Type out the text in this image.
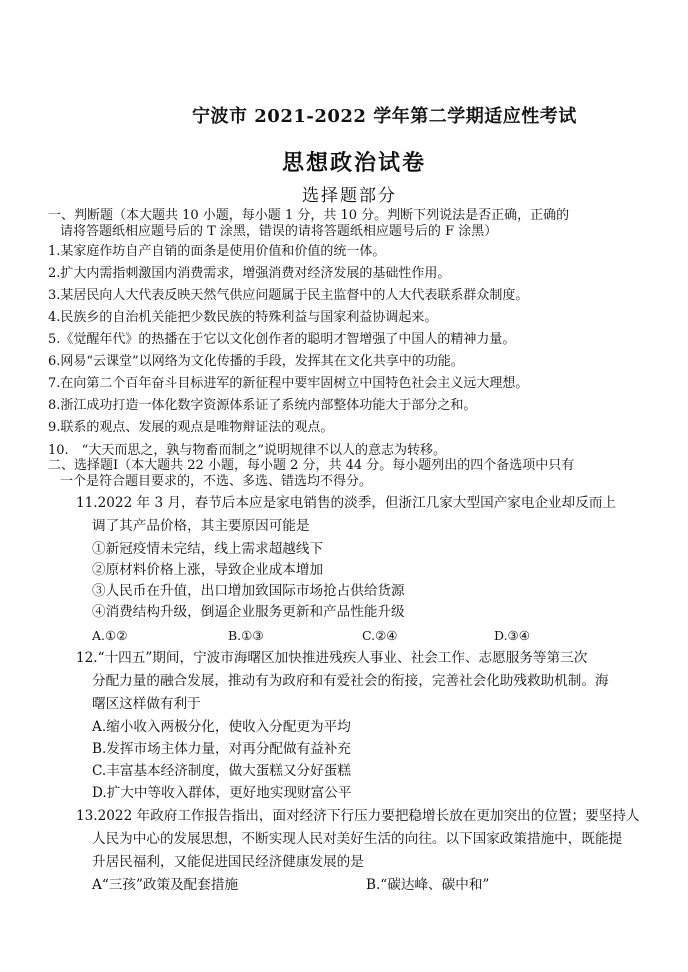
宁波市 2021-2022 学年第二学期适应性考试
思想政治试卷
选择题部分
一、判断题（本大题共 10 小题，每小题 1 分，共 10 分。判断下列说法是否正确，正确的
请将答题纸相应题号后的 T 涂黑，错误的请将答题纸相应题号后的 F 涂黑）
1.某家庭作坊自产自销的面条是使用价值和价值的统一体。
2.扩大内需指刺激国内消费需求，增强消费对经济发展的基础性作用。
3.某居民向人大代表反映天然气供应问题属于民主监督中的人大代表联系群众制度。
4.民族乡的自治机关能把少数民族的特殊利益与国家利益协调起来。
5.《觉醒年代》的热播在于它以文化创作者的聪明才智增强了中国人的精神力量。
6.网易“云课堂”以网络为文化传播的手段，发挥其在文化共享中的功能。
7.在向第二个百年奋斗目标进军的新征程中要牢固树立中国特色社会主义远大理想。
8.浙江成功打造一体化数字资源体系证了系统内部整体功能大于部分之和。
9.联系的观点、发展的观点是唯物辩证法的观点。
10.　“大天而思之，孰与物畜而制之”说明规律不以人的意志为转移。
二、选择题Ⅰ（本大题共 22 小题，每小题 2 分，共 44 分。每小题列出的四个备选项中只有
一个是符合题目要求的，不选、多选、错选均不得分。
11.2022 年 3 月，春节后本应是家电销售的淡季，但浙江几家大型国产家电企业却反而上
调了其产品价格，其主要原因可能是
①新冠疫情未完结，线上需求超越线下
②原材料价格上涨，导致企业成本增加
③人民币在升值，出口增加致国际市场抢占供给货源
④消费结构升级，倒逼企业服务更新和产品性能升级
A.①②	B.①③	C.②④	D.③④
12.“十四五”期间，宁波市海曙区加快推进残疾人事业、社会工作、志愿服务等第三次
分配力量的融合发展，推动有为政府和有爱社会的衔接，完善社会化助残救助机制。海
曙区这样做有利于
A.缩小收入两极分化，使收入分配更为平均
B.发挥市场主体力量，对再分配做有益补充
C.丰富基本经济制度，做大蛋糕又分好蛋糕
D.扩大中等收入群体，更好地实现财富公平
13.2022 年政府工作报告指出，面对经济下行压力要把稳增长放在更加突出的位置；要坚持人
人民为中心的发展思想，不断实现人民对美好生活的向往。以下国家政策措施中，既能提
升居民福利，又能促进国民经济健康发展的是
A“三孩”政策及配套措施	B.“碳达峰、碳中和”
